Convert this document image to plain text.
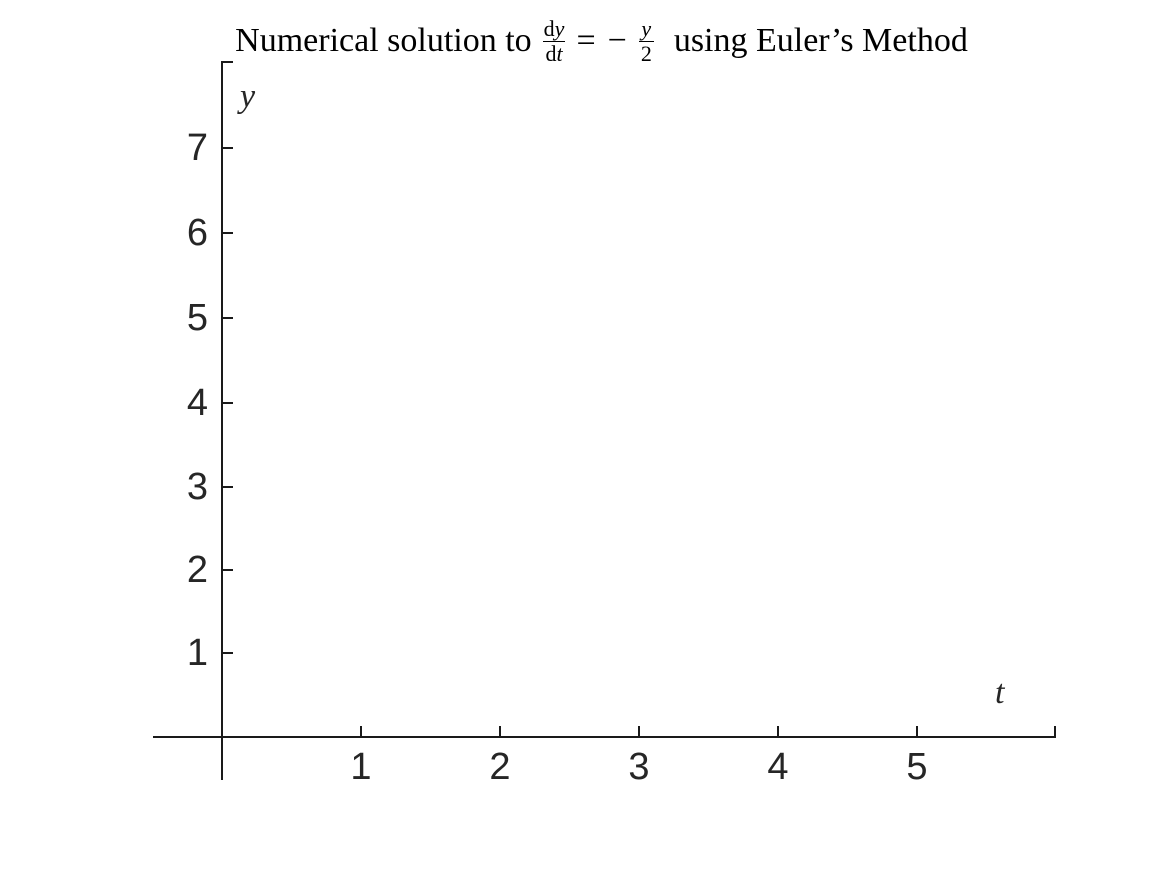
Numerical solution to $\frac{dy}{dt}$ = − $\frac{y}{2}$ using Euler’s Method
7
6
5
4
3
2
1
1	2	3	4	5
y
t
